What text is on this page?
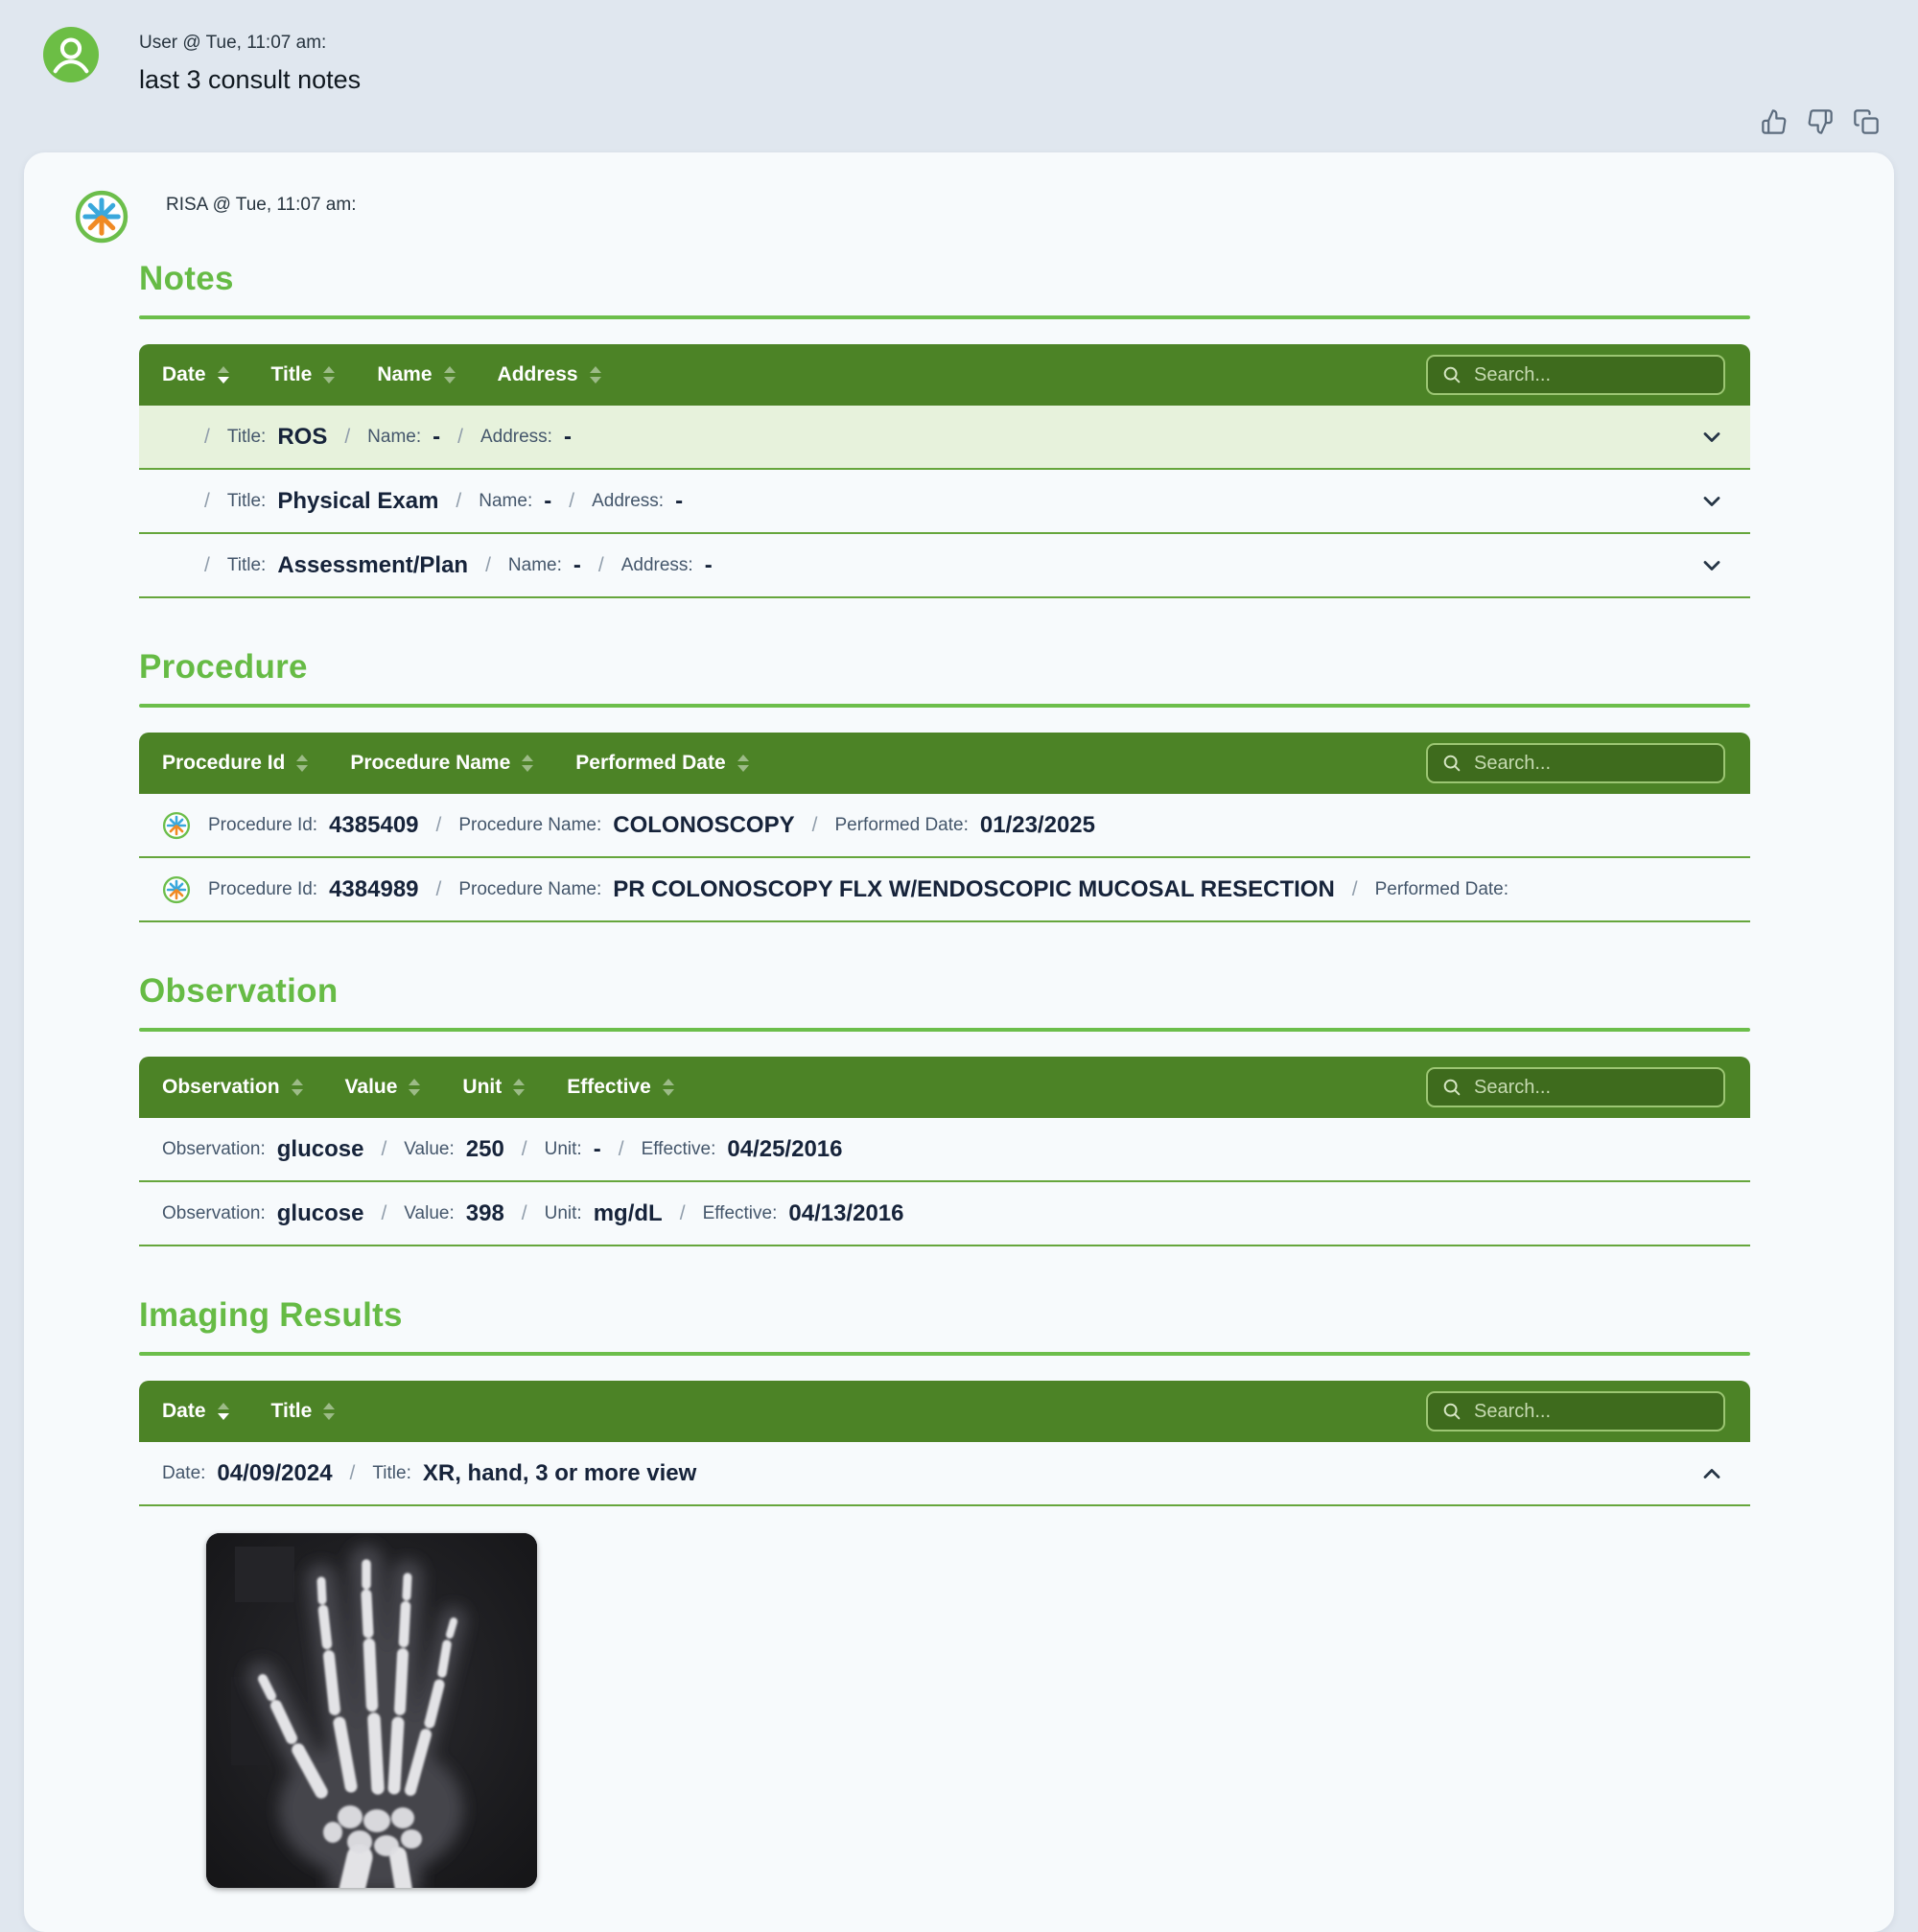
User @ Tue, 11:07 am:
last 3 consult notes
RISA @ Tue, 11:07 am:
Notes
Date	Title	Name	Address
Search...
/ Title: ROS / Name: - / Address: -
/ Title: Physical Exam / Name: - / Address: -
/ Title: Assessment/Plan / Name: - / Address: -
Procedure
Procedure Id	Procedure Name	Performed Date
Search...
Procedure Id: 4385409 / Procedure Name: COLONOSCOPY / Performed Date: 01/23/2025
Procedure Id: 4384989 / Procedure Name: PR COLONOSCOPY FLX W/ENDOSCOPIC MUCOSAL RESECTION / Performed Date:
Observation
Observation	Value	Unit	Effective
Search...
Observation: glucose / Value: 250 / Unit: - / Effective: 04/25/2016
Observation: glucose / Value: 398 / Unit: mg/dL / Effective: 04/13/2016
Imaging Results
Date	Title
Search...
Date: 04/09/2024 / Title: XR, hand, 3 or more view
